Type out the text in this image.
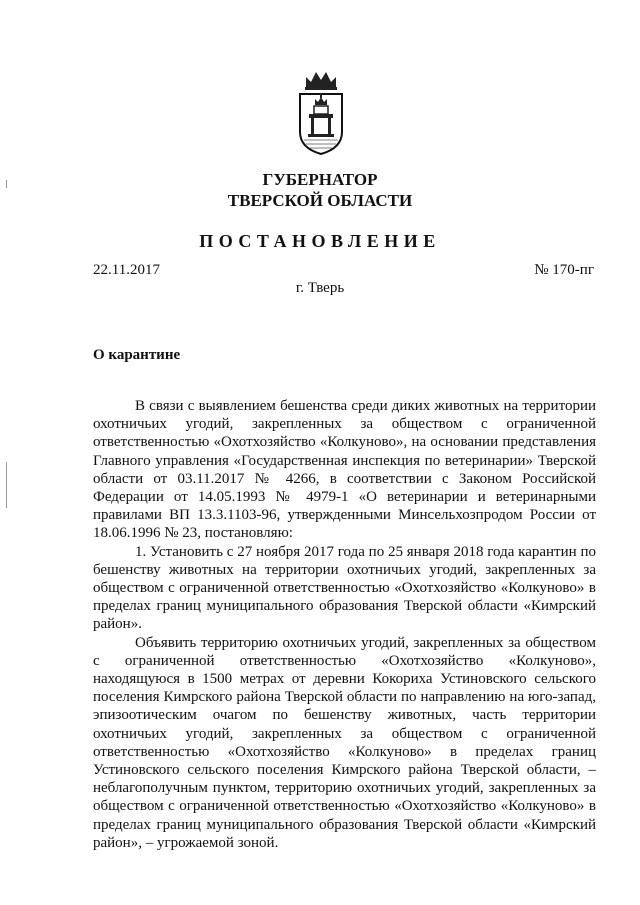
ГУБЕРНАТОР
ТВЕРСКОЙ ОБЛАСТИ
ПОСТАНОВЛЕНИЕ
22.11.2017	№ 170-пг
г. Тверь
О карантине

В связи с выявлением бешенства среди диких животных на территории охотничьих угодий, закрепленных за обществом с ограниченной ответственностью «Охотхозяйство «Колкуново», на основании представления Главного управления «Государственная инспекция по ветеринарии» Тверской области от 03.11.2017 № 4266, в соответствии с Законом Российской Федерации от 14.05.1993 № 4979-1 «О ветеринарии и ветеринарными правилами ВП 13.3.1103-96, утвержденными Минсельхозпродом России от 18.06.1996 № 23, постановляю:

1. Установить с 27 ноября 2017 года по 25 января 2018 года карантин по бешенству животных на территории охотничьих угодий, закрепленных за обществом с ограниченной ответственностью «Охотхозяйство «Колкуново» в пределах границ муниципального образования Тверской области «Кимрский район».

Объявить территорию охотничьих угодий, закрепленных за обществом с ограниченной ответственностью «Охотхозяйство «Колкуново», находящуюся в 1500 метрах от деревни Кокориха Устиновского сельского поселения Кимрского района Тверской области по направлению на юго-запад, эпизоотическим очагом по бешенству животных, часть территории охотничьих угодий, закрепленных за обществом с ограниченной ответственностью «Охотхозяйство «Колкуново» в пределах границ Устиновского сельского поселения Кимрского района Тверской области, – неблагополучным пунктом, территорию охотничьих угодий, закрепленных за обществом с ограниченной ответственностью «Охотхозяйство «Колкуново» в пределах границ муниципального образования Тверской области «Кимрский район», – угрожаемой зоной.
